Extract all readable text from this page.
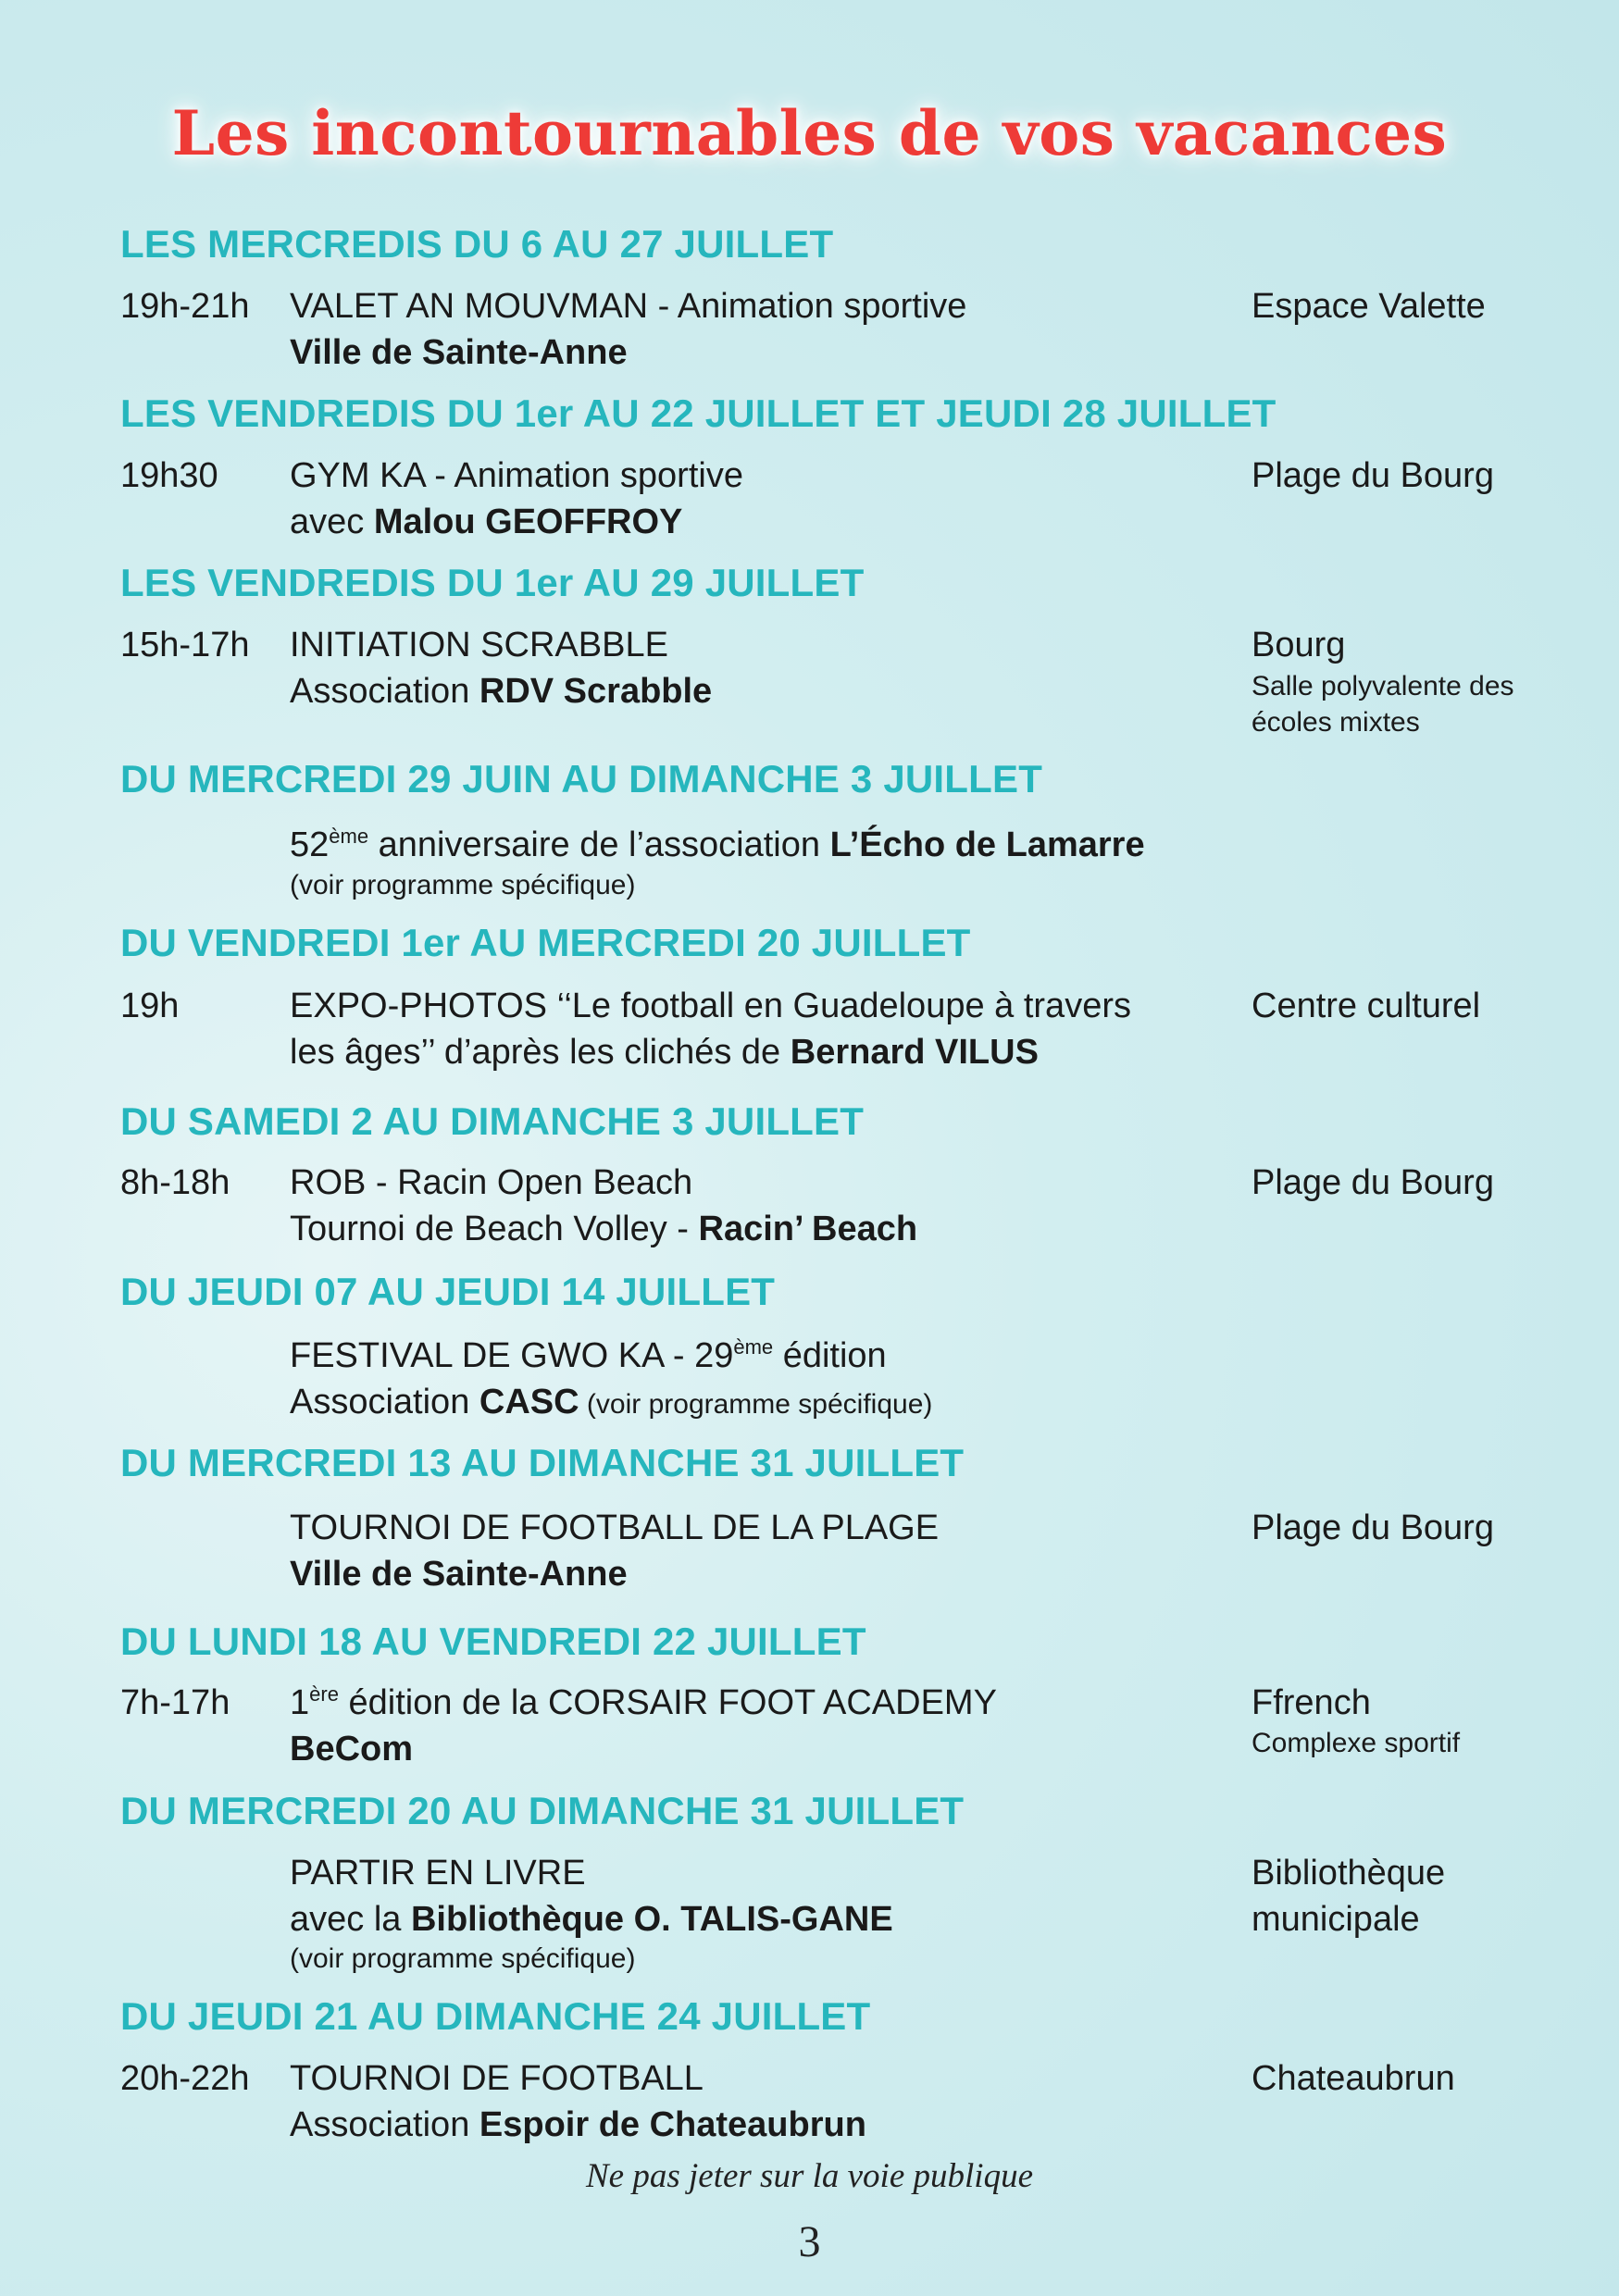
Les incontournables de vos vacances
LES MERCREDIS DU 6 AU 27 JUILLET
19h-21h VALET AN MOUVMAN - Animation sportive
Ville de Sainte-Anne
Espace Valette
LES VENDREDIS DU 1er AU 22 JUILLET ET JEUDI 28 JUILLET
19h30 GYM KA - Animation sportive
avec Malou GEOFFROY
Plage du Bourg
LES VENDREDIS DU 1er AU 29 JUILLET
15h-17h INITIATION SCRABBLE
Association RDV Scrabble
Bourg
Salle polyvalente des
écoles mixtes
DU MERCREDI 29 JUIN AU DIMANCHE 3 JUILLET
52ème anniversaire de l’association L’Écho de Lamarre
(voir programme spécifique)
DU VENDREDI 1er AU MERCREDI 20 JUILLET
19h	EXPO-PHOTOS ‘‘Le football en Guadeloupe à travers
les âges’’ d’après les clichés de Bernard VILUS
Centre culturel
DU SAMEDI 2 AU DIMANCHE 3 JUILLET
8h-18h ROB - Racin Open Beach
Tournoi de Beach Volley - Racin’ Beach
Plage du Bourg
DU JEUDI 07 AU JEUDI 14 JUILLET
FESTIVAL DE GWO KA - 29ème édition
Association CASC (voir programme spécifique)
DU MERCREDI 13 AU DIMANCHE 31 JUILLET
TOURNOI DE FOOTBALL DE LA PLAGE
Ville de Sainte-Anne
Plage du Bourg
DU LUNDI 18 AU VENDREDI 22 JUILLET
7h-17h 1ère édition de la CORSAIR FOOT ACADEMY
BeCom
Ffrench
Complexe sportif
DU MERCREDI 20 AU DIMANCHE 31 JUILLET
PARTIR EN LIVRE
avec la Bibliothèque O. TALIS-GANE
(voir programme spécifique)
Bibliothèque
municipale
DU JEUDI 21 AU DIMANCHE 24 JUILLET
20h-22h TOURNOI DE FOOTBALL
Association Espoir de Chateaubrun
Chateaubrun
Ne pas jeter sur la voie publique
3
